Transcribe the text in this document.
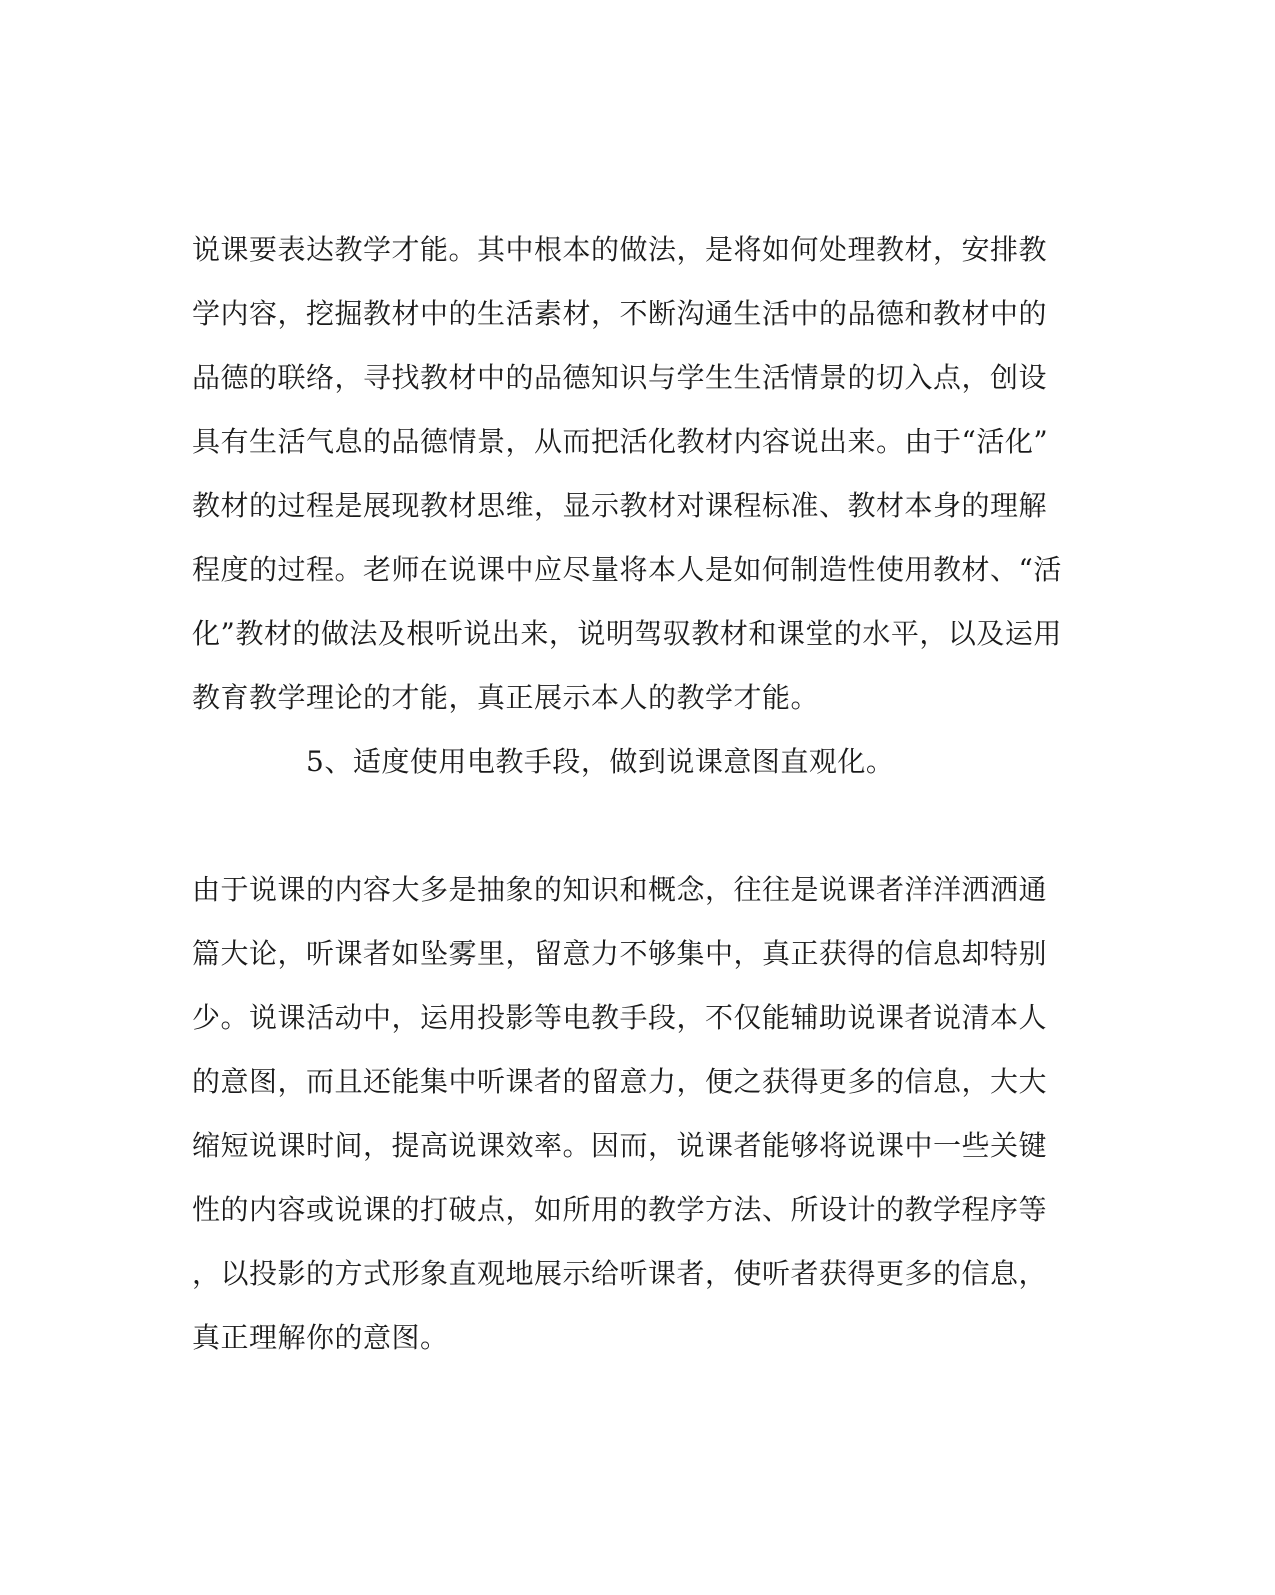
说课要表达教学才能。其中根本的做法，是将如何处理教材，安排教
学内容，挖掘教材中的生活素材，不断沟通生活中的品德和教材中的
品德的联络，寻找教材中的品德知识与学生生活情景的切入点，创设
具有生活气息的品德情景，从而把活化教材内容说出来。由于“活化”
教材的过程是展现教材思维，显示教材对课程标准、教材本身的理解
程度的过程。老师在说课中应尽量将本人是如何制造性使用教材、“活
化”教材的做法及根听说出来，说明驾驭教材和课堂的水平，以及运用
教育教学理论的才能，真正展示本人的教学才能。
5、适度使用电教手段，做到说课意图直观化。
由于说课的内容大多是抽象的知识和概念，往往是说课者洋洋洒洒通
篇大论，听课者如坠雾里，留意力不够集中，真正获得的信息却特别
少。说课活动中，运用投影等电教手段，不仅能辅助说课者说清本人
的意图，而且还能集中听课者的留意力，便之获得更多的信息，大大
缩短说课时间，提高说课效率。因而，说课者能够将说课中一些关键
性的内容或说课的打破点，如所用的教学方法、所设计的教学程序等
，以投影的方式形象直观地展示给听课者，使听者获得更多的信息，
真正理解你的意图。
